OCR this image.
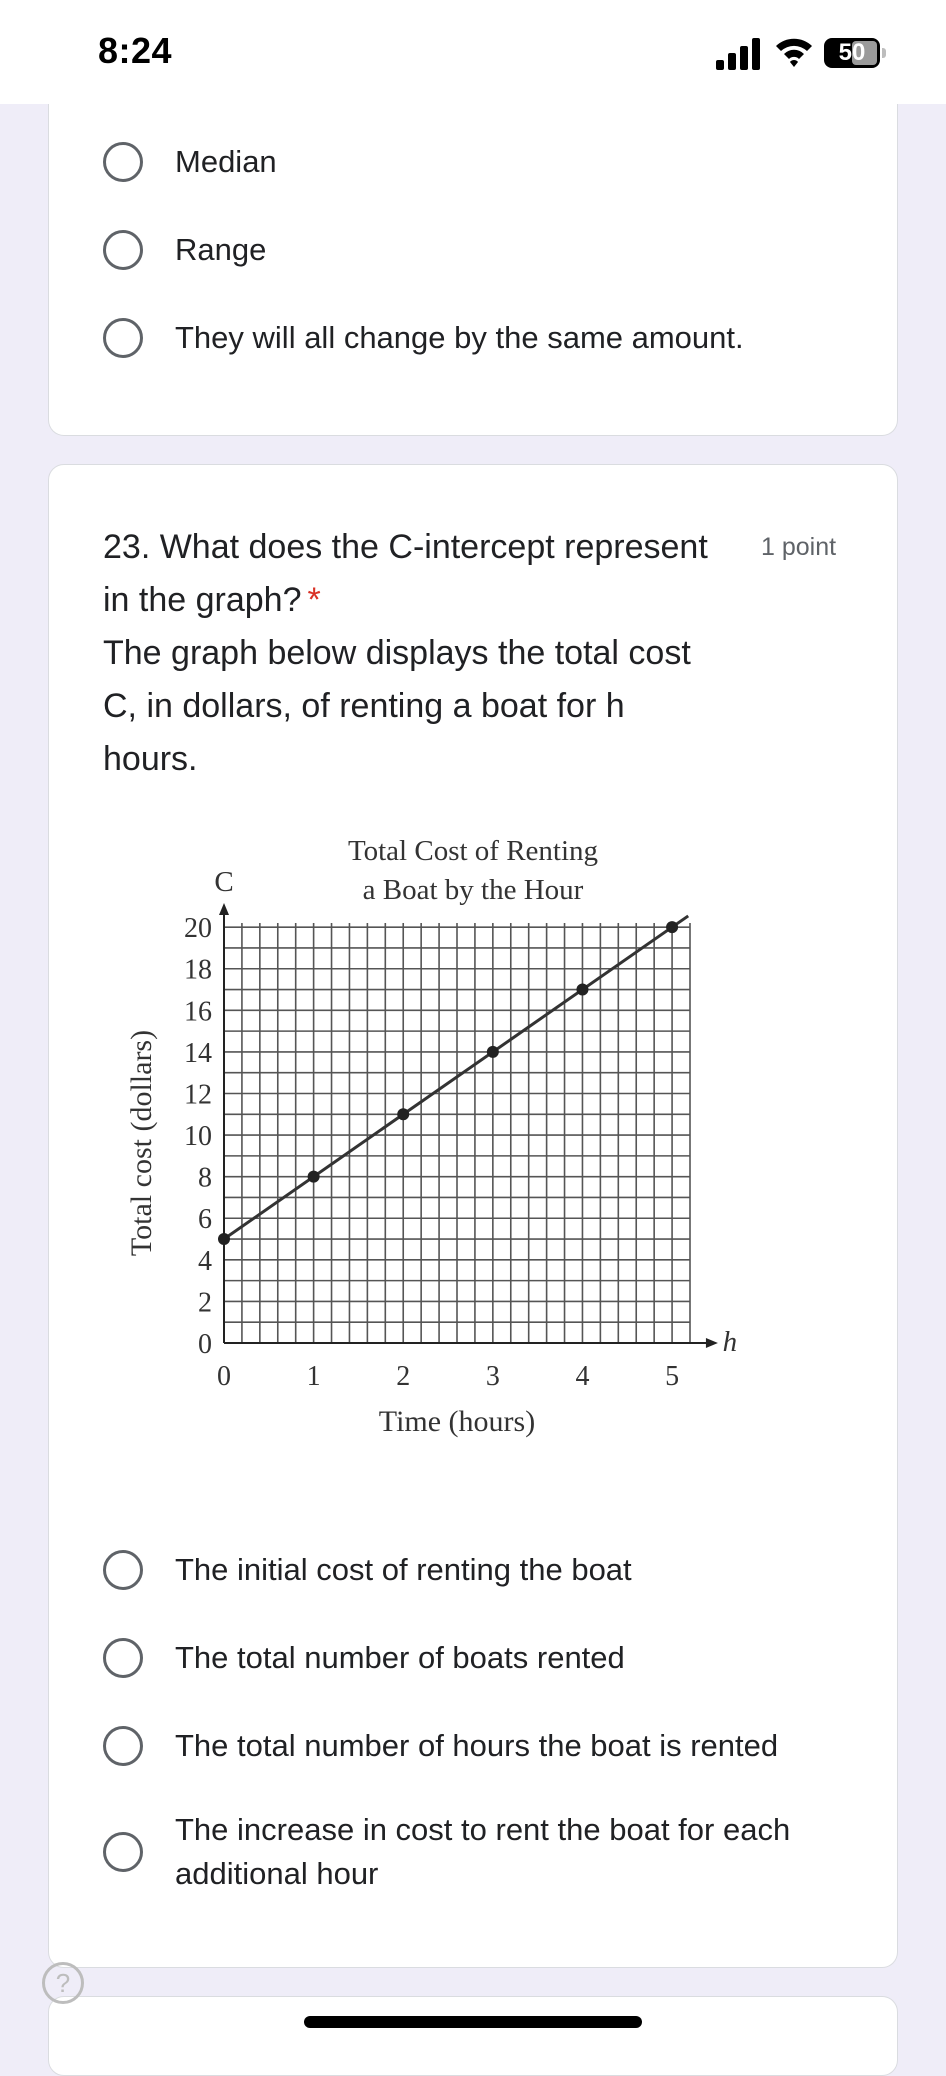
8:24	50
Median
Range
They will all change by the same amount.
23. What does the C-intercept represent in the graph? *
The graph below displays the total cost
C, in dollars, of renting a boat for h
hours.
1 point
C
h
Total Cost of Renting
a Boat by the Hour
0
2
4
6
8
10
12
14
16
18
20
0	1	2	3	4	5
Time (hours)
Total cost (dollars)
The initial cost of renting the boat
The total number of boats rented
The total number of hours the boat is rented
The increase in cost to rent the boat for each additional hour
?
